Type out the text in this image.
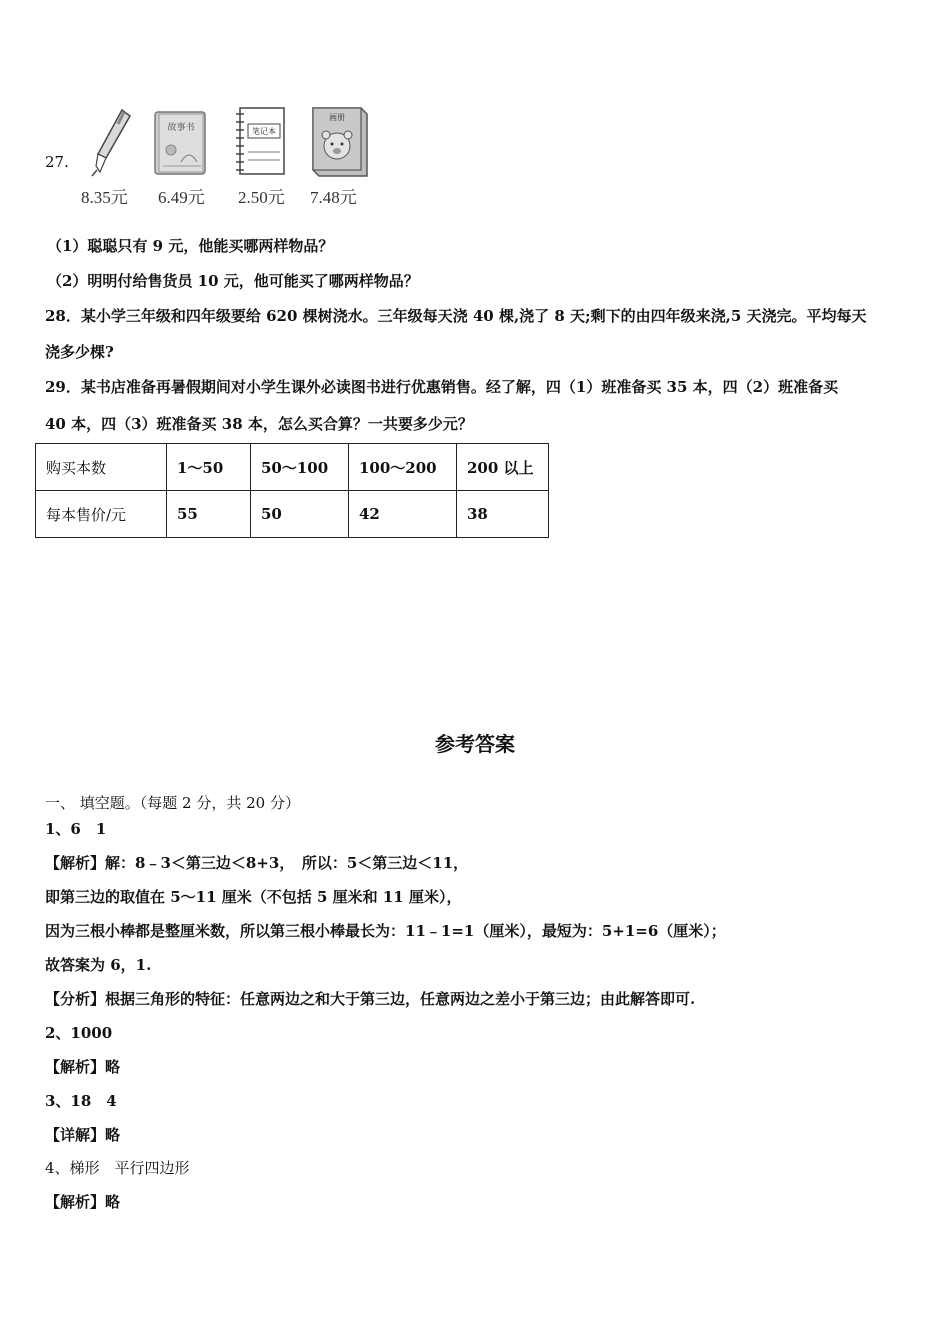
27.
故事书	笔记本
画册
8.35元 6.49元 2.50元 7.48元
（1）聪聪只有 9 元，他能买哪两样物品？
（2）明明付给售货员 10 元，他可能买了哪两样物品？
28．某小学三年级和四年级要给 620 棵树浇水。三年级每天浇 40 棵,浇了 8 天;剩下的由四年级来浇,5 天浇完。平均每天
浇多少棵?
29．某书店准备再暑假期间对小学生课外必读图书进行优惠销售。经了解，四（1）班准备买 35 本，四（2）班准备买
40 本，四（3）班准备买 38 本，怎么买合算？一共要多少元？
购买本数	1～50	50～100	100～200	200 以上
每本售价/元	55	50	42	38
参考答案
一、 填空题。（每题 2 分，共 20 分）
1、6　1
【解析】解：8﹣3＜第三边＜8+3，　所以：5＜第三边＜11，
即第三边的取值在 5～11 厘米（不包括 5 厘米和 11 厘米），
因为三根小棒都是整厘米数，所以第三根小棒最长为：11﹣1=1（厘米），最短为：5+1=6（厘米）；
故答案为 6，1.
【分析】根据三角形的特征：任意两边之和大于第三边，任意两边之差小于第三边；由此解答即可.
2、1000
【解析】略
3、18　4
【详解】略
4、梯形　平行四边形
【解析】略
